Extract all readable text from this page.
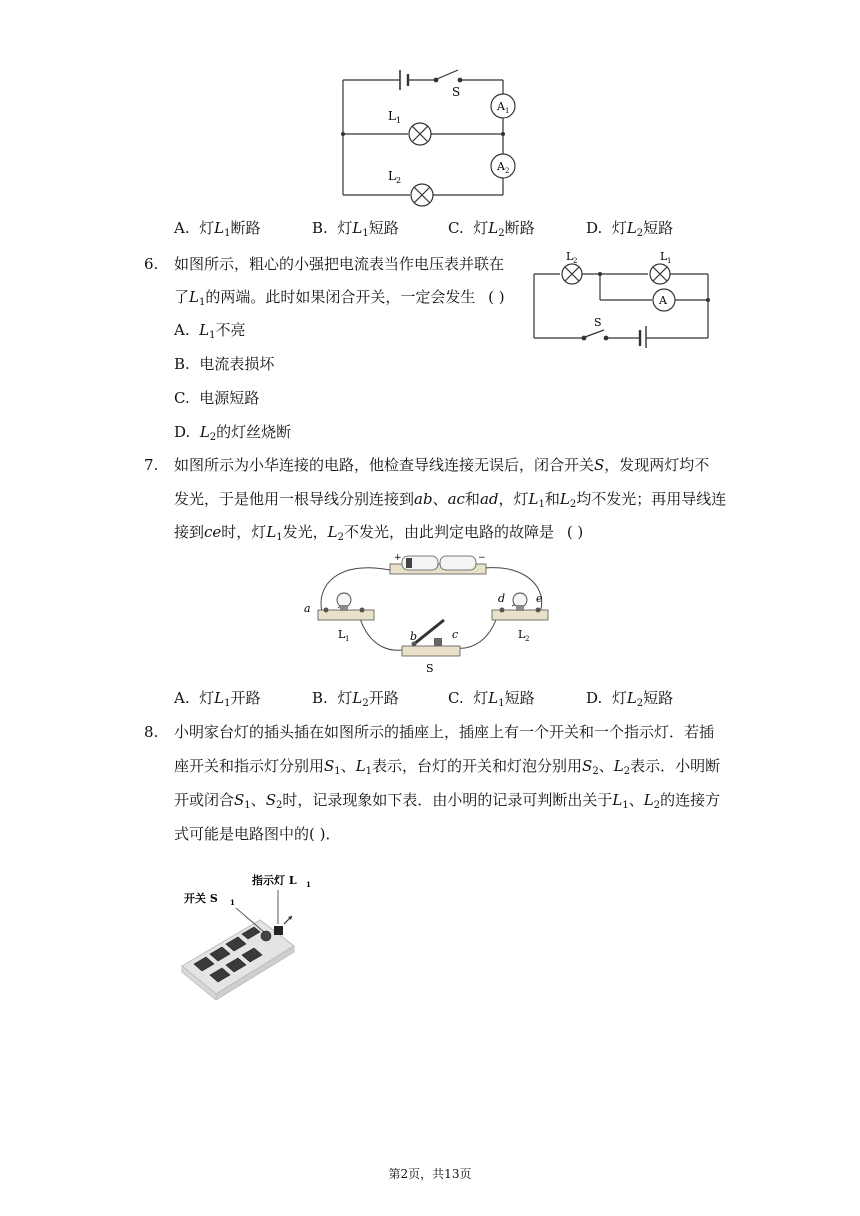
S
A 1
A 2
L 1
L 2
A. 灯$L_1$断路	B. 灯$L_1$短路	C. 灯$L_2$断路	D. 灯$L_2$短路
6. 如图所示，粗心的小强把电流表当作电压表并联在
了$L_1$的两端。此时如果闭合开关，一定会发生 ( )
L 2	L 1
A
S
A. $L_1$不亮
B. 电流表损坏
C. 电源短路
D. $L_2$的灯丝烧断
7. 如图所示为小华连接的电路，他检查导线连接无误后，闭合开关S，发现两灯均不
发光，于是他用一根导线分别连接到ab、ac和ad，灯$L_1$和$L_2$均不发光；再用导线连
接到ce时，灯$L_1$发光，$L_2$不发光，由此判定电路的故障是 ( )
+	−
a
b	c
d	e
L 1	L 2
S
A. 灯$L_1$开路	B. 灯$L_2$开路	C. 灯$L_1$短路	D. 灯$L_2$短路
8. 小明家台灯的插头插在如图所示的插座上，插座上有一个开关和一个指示灯．若插
座开关和指示灯分别用$S_1$、$L_1$表示，台灯的开关和灯泡分别用$S_2$、$L_2$表示．小明断
开或闭合$S_1$、$S_2$时，记录现象如下表．由小明的记录可判断出关于$L_1$、$L_2$的连接方
式可能是电路图中的( )．
开关 S 1
指示灯 L 1
第2页，共13页
